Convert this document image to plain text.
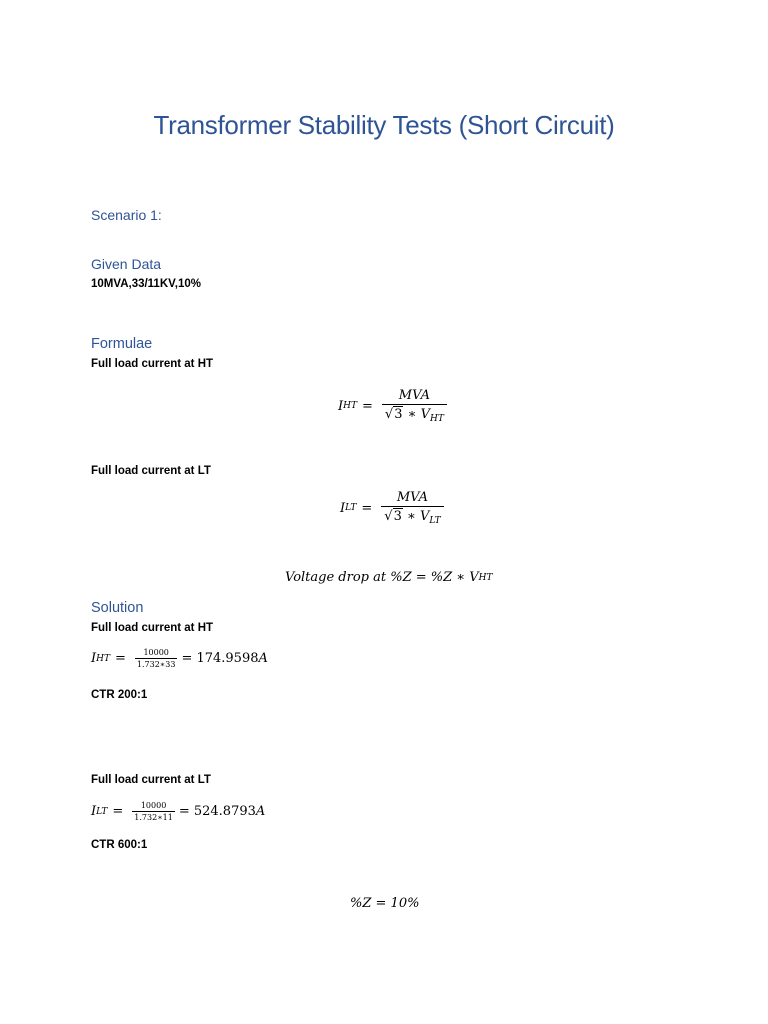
Transformer Stability Tests (Short Circuit)
Scenario 1:
Given Data
10MVA,33/11KV,10%
Formulae
Full load current at HT
I HT = $\frac{\text{MVA}}{√3 ∗ V_{HT}}$
Full load current at LT
I LT = $\frac{\text{MVA}}{√3 ∗ V_{LT}}$
Voltage drop at %Z = %Z ∗ V HT
Solution
Full load current at HT
I HT = $\frac{10000}{1.732∗33} = 174.9598$ A
CTR 200:1
Full load current at LT
I LT = $\frac{10000}{1.732∗11} = 524.8793$ A
CTR 600:1
%Z = 10%
